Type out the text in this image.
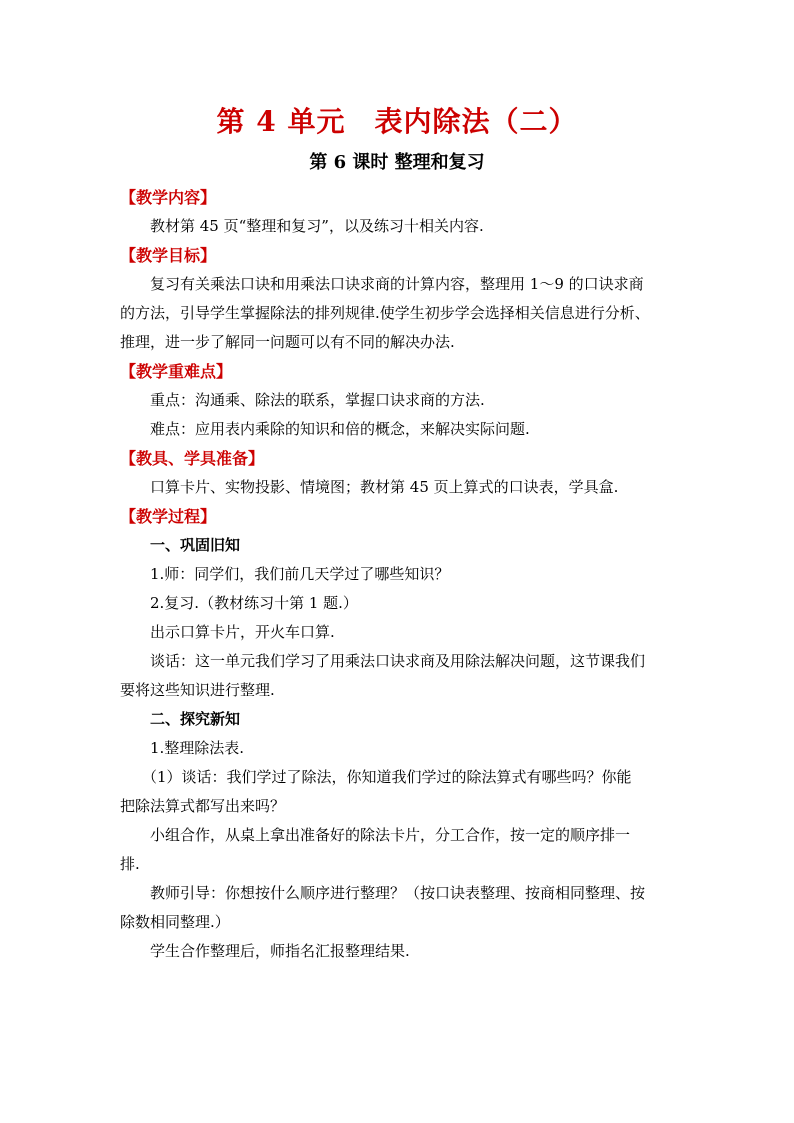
第 4 单元　表内除法（二）
第 6 课时 整理和复习
【教学内容】
教材第 45 页“整理和复习”，以及练习十相关内容.
【教学目标】
复习有关乘法口诀和用乘法口诀求商的计算内容，整理用 1～9 的口诀求商
的方法，引导学生掌握除法的排列规律.使学生初步学会选择相关信息进行分析、
推理，进一步了解同一问题可以有不同的解决办法.
【教学重难点】
重点：沟通乘、除法的联系，掌握口诀求商的方法.
难点：应用表内乘除的知识和倍的概念，来解决实际问题.
【教具、学具准备】
口算卡片、实物投影、情境图；教材第 45 页上算式的口诀表，学具盒.
【教学过程】
一、巩固旧知
1.师：同学们，我们前几天学过了哪些知识？
2.复习.（教材练习十第 1 题.）
出示口算卡片，开火车口算.
谈话：这一单元我们学习了用乘法口诀求商及用除法解决问题，这节课我们
要将这些知识进行整理.
二、探究新知
1.整理除法表.
（1）谈话：我们学过了除法，你知道我们学过的除法算式有哪些吗？你能
把除法算式都写出来吗？
小组合作，从桌上拿出准备好的除法卡片，分工合作，按一定的顺序排一
排.
教师引导：你想按什么顺序进行整理？（按口诀表整理、按商相同整理、按
除数相同整理.）
学生合作整理后，师指名汇报整理结果.
